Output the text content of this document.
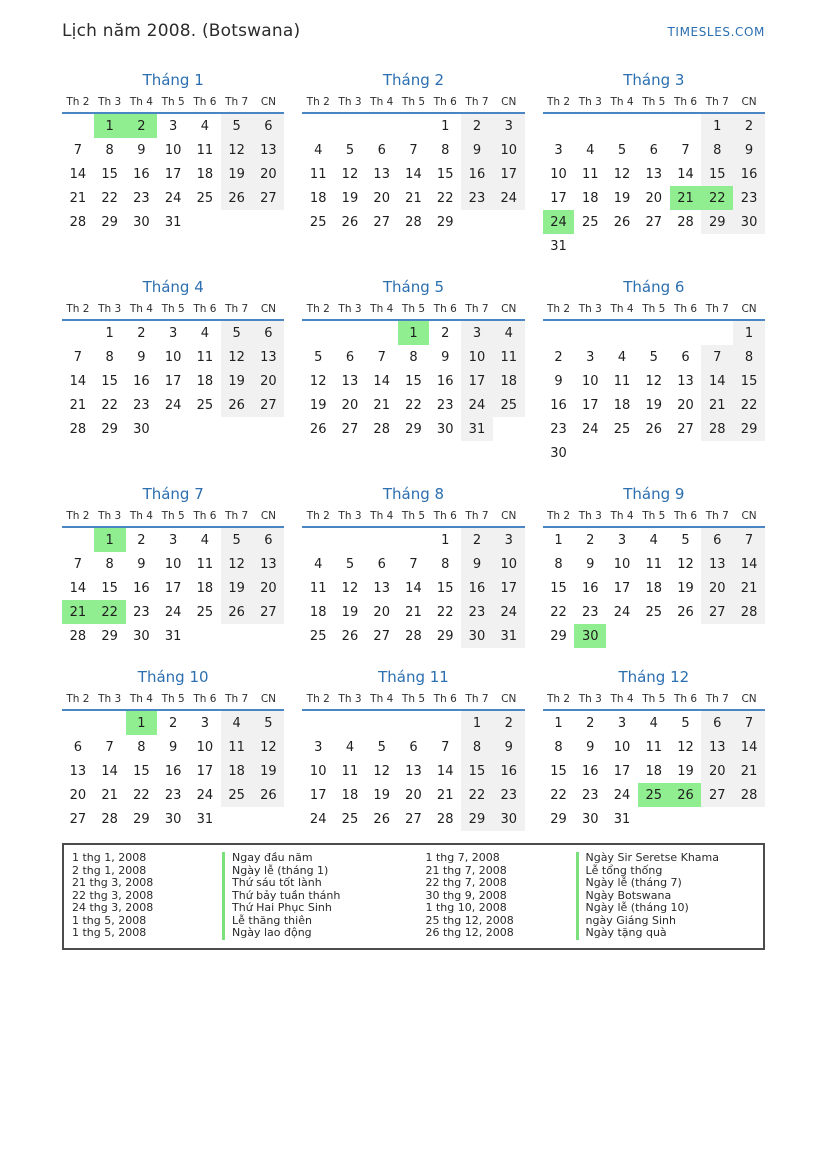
Lịch năm 2008. (Botswana)	TIMESLES.COM
Tháng 1
Th 2	Th 3	Th 4	Th 5	Th 6	Th 7	CN
	1	2	3	4	5	6
7	8	9	10	11	12	13
14	15	16	17	18	19	20
21	22	23	24	25	26	27
28	29	30	31			
Tháng 2
Th 2	Th 3	Th 4	Th 5	Th 6	Th 7	CN
				1	2	3
4	5	6	7	8	9	10
11	12	13	14	15	16	17
18	19	20	21	22	23	24
25	26	27	28	29		
Tháng 3
Th 2	Th 3	Th 4	Th 5	Th 6	Th 7	CN
					1	2
3	4	5	6	7	8	9
10	11	12	13	14	15	16
17	18	19	20	21	22	23
24	25	26	27	28	29	30
31						
Tháng 4
Th 2	Th 3	Th 4	Th 5	Th 6	Th 7	CN
	1	2	3	4	5	6
7	8	9	10	11	12	13
14	15	16	17	18	19	20
21	22	23	24	25	26	27
28	29	30				
Tháng 5
Th 2	Th 3	Th 4	Th 5	Th 6	Th 7	CN
			1	2	3	4
5	6	7	8	9	10	11
12	13	14	15	16	17	18
19	20	21	22	23	24	25
26	27	28	29	30	31	
Tháng 6
Th 2	Th 3	Th 4	Th 5	Th 6	Th 7	CN
						1
2	3	4	5	6	7	8
9	10	11	12	13	14	15
16	17	18	19	20	21	22
23	24	25	26	27	28	29
30						
Tháng 7
Th 2	Th 3	Th 4	Th 5	Th 6	Th 7	CN
	1	2	3	4	5	6
7	8	9	10	11	12	13
14	15	16	17	18	19	20
21	22	23	24	25	26	27
28	29	30	31			
Tháng 8
Th 2	Th 3	Th 4	Th 5	Th 6	Th 7	CN
				1	2	3
4	5	6	7	8	9	10
11	12	13	14	15	16	17
18	19	20	21	22	23	24
25	26	27	28	29	30	31
Tháng 9
Th 2	Th 3	Th 4	Th 5	Th 6	Th 7	CN
1	2	3	4	5	6	7
8	9	10	11	12	13	14
15	16	17	18	19	20	21
22	23	24	25	26	27	28
29	30					
Tháng 10
Th 2	Th 3	Th 4	Th 5	Th 6	Th 7	CN
		1	2	3	4	5
6	7	8	9	10	11	12
13	14	15	16	17	18	19
20	21	22	23	24	25	26
27	28	29	30	31		
Tháng 11
Th 2	Th 3	Th 4	Th 5	Th 6	Th 7	CN
					1	2
3	4	5	6	7	8	9
10	11	12	13	14	15	16
17	18	19	20	21	22	23
24	25	26	27	28	29	30
Tháng 12
Th 2	Th 3	Th 4	Th 5	Th 6	Th 7	CN
1	2	3	4	5	6	7
8	9	10	11	12	13	14
15	16	17	18	19	20	21
22	23	24	25	26	27	28
29	30	31				
1 thg 1, 2008	Ngay đầu năm
2 thg 1, 2008	Ngày lễ (tháng 1)
21 thg 3, 2008	Thứ sáu tốt lành
22 thg 3, 2008	Thứ bảy tuần thánh
24 thg 3, 2008	Thứ Hai Phục Sinh
1 thg 5, 2008	Lễ thăng thiên
1 thg 5, 2008	Ngày lao động
1 thg 7, 2008	Ngày Sir Seretse Khama
21 thg 7, 2008	Lễ tổng thống
22 thg 7, 2008	Ngày lễ (tháng 7)
30 thg 9, 2008	Ngày Botswana
1 thg 10, 2008	Ngày lễ (tháng 10)
25 thg 12, 2008	ngày Giáng Sinh
26 thg 12, 2008	Ngày tặng quà
